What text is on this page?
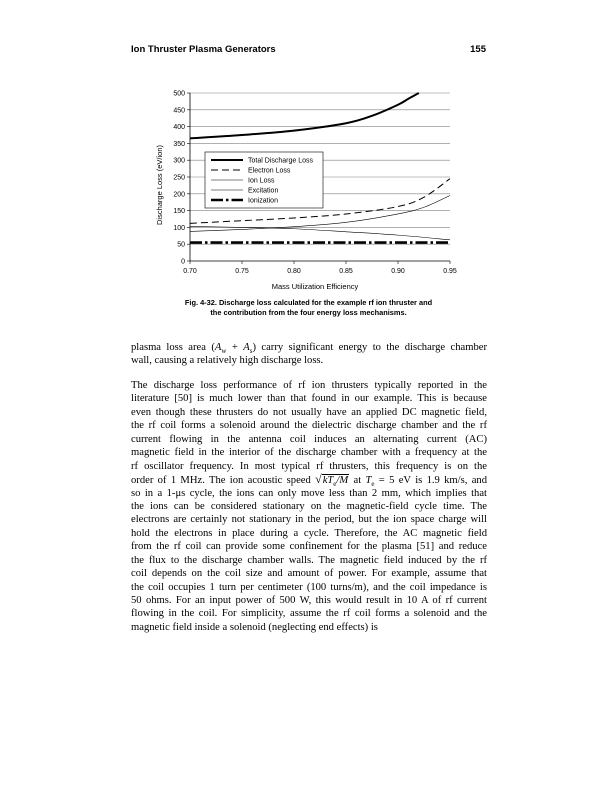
Ion Thruster Plasma Generators	155
0
50
100
150
200
250
300
350
400
450
500
0.70	0.75	0.80	0.85	0.90	0.95
Total Discharge Loss
Electron Loss
Ion Loss
Excitation
Ionization
Mass Utilization Efficiency
Discharge Loss (eV/ion)
Fig. 4-32. Discharge loss calculated for the example rf ion thruster and
the contribution from the four energy loss mechanisms.
plasma loss area $(A_w + A_s)$ carry significant energy to the discharge chamber
wall, causing a relatively high discharge loss.
The discharge loss performance of rf ion thrusters typically reported in the
literature [50] is much lower than that found in our example. This is because
even though these thrusters do not usually have an applied DC magnetic field,
the rf coil forms a solenoid around the dielectric discharge chamber and the rf
current flowing in the antenna coil induces an alternating current (AC)
magnetic field in the interior of the discharge chamber with a frequency at the
rf oscillator frequency. In most typical rf thrusters, this frequency is on the
order of 1 MHz. The ion acoustic speed $√kT_e/M$ at $T_e = 5$ eV is 1.9 km/s, and
so in a 1-μs cycle, the ions can only move less than 2 mm, which implies that
the ions can be considered stationary on the magnetic-field cycle time. The
electrons are certainly not stationary in the period, but the ion space charge will
hold the electrons in place during a cycle. Therefore, the AC magnetic field
from the rf coil can provide some confinement for the plasma [51] and reduce
the flux to the discharge chamber walls. The magnetic field induced by the rf
coil depends on the coil size and amount of power. For example, assume that
the coil occupies 1 turn per centimeter (100 turns/m), and the coil impedance is
50 ohms. For an input power of 500 W, this would result in 10 A of rf current
flowing in the coil. For simplicity, assume the rf coil forms a solenoid and the
magnetic field inside a solenoid (neglecting end effects) is
